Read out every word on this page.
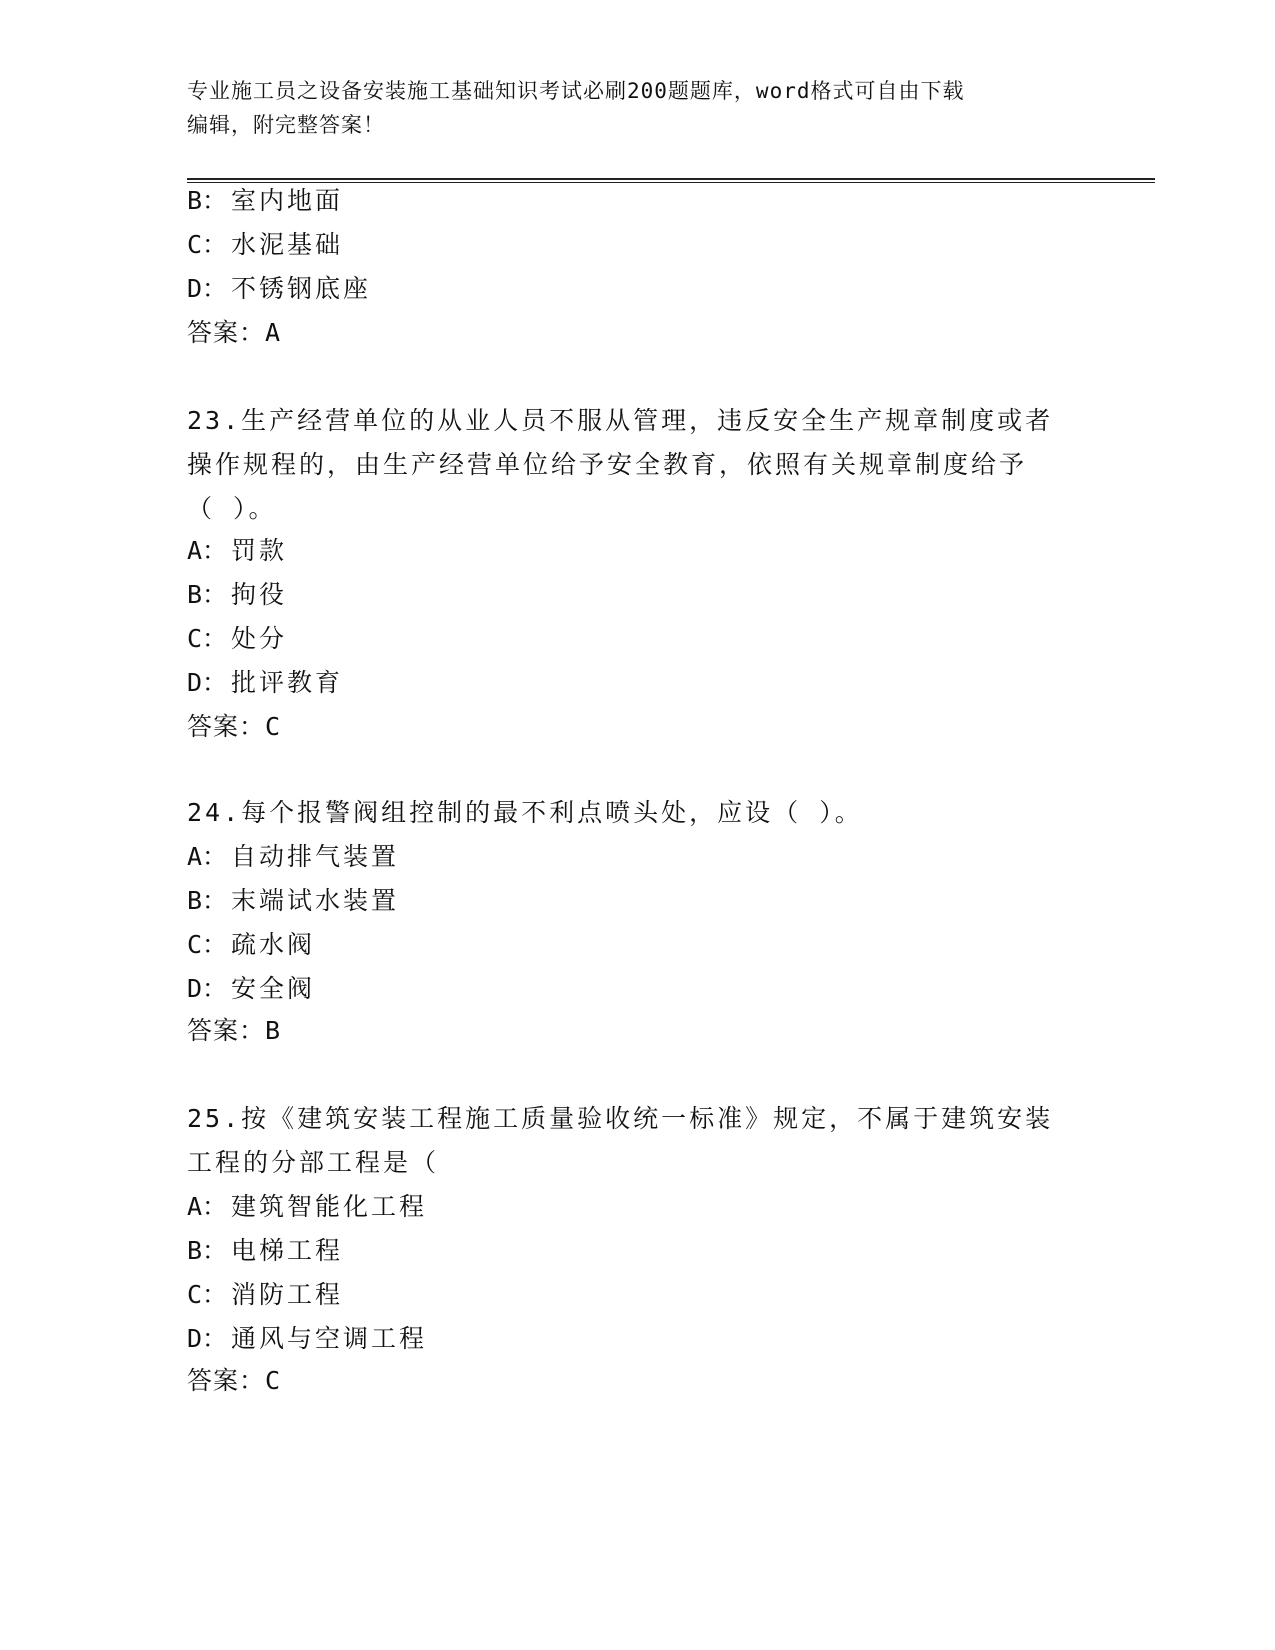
专业施工员之设备安装施工基础知识考试必刷200题题库，word格式可自由下载
编辑，附完整答案！
B： 室内地面
C： 水泥基础
D： 不锈钢底座
答案：A
23.生产经营单位的从业人员不服从管理，违反安全生产规章制度或者
操作规程的，由生产经营单位给予安全教育，依照有关规章制度给予
（ ）。
A： 罚款
B： 拘役
C： 处分
D： 批评教育
答案：C
24.每个报警阀组控制的最不利点喷头处，应设（ ）。
A： 自动排气装置
B： 末端试水装置
C： 疏水阀
D： 安全阀
答案：B
25.按《建筑安装工程施工质量验收统一标准》规定，不属于建筑安装
工程的分部工程是（
A： 建筑智能化工程
B： 电梯工程
C： 消防工程
D： 通风与空调工程
答案：C
